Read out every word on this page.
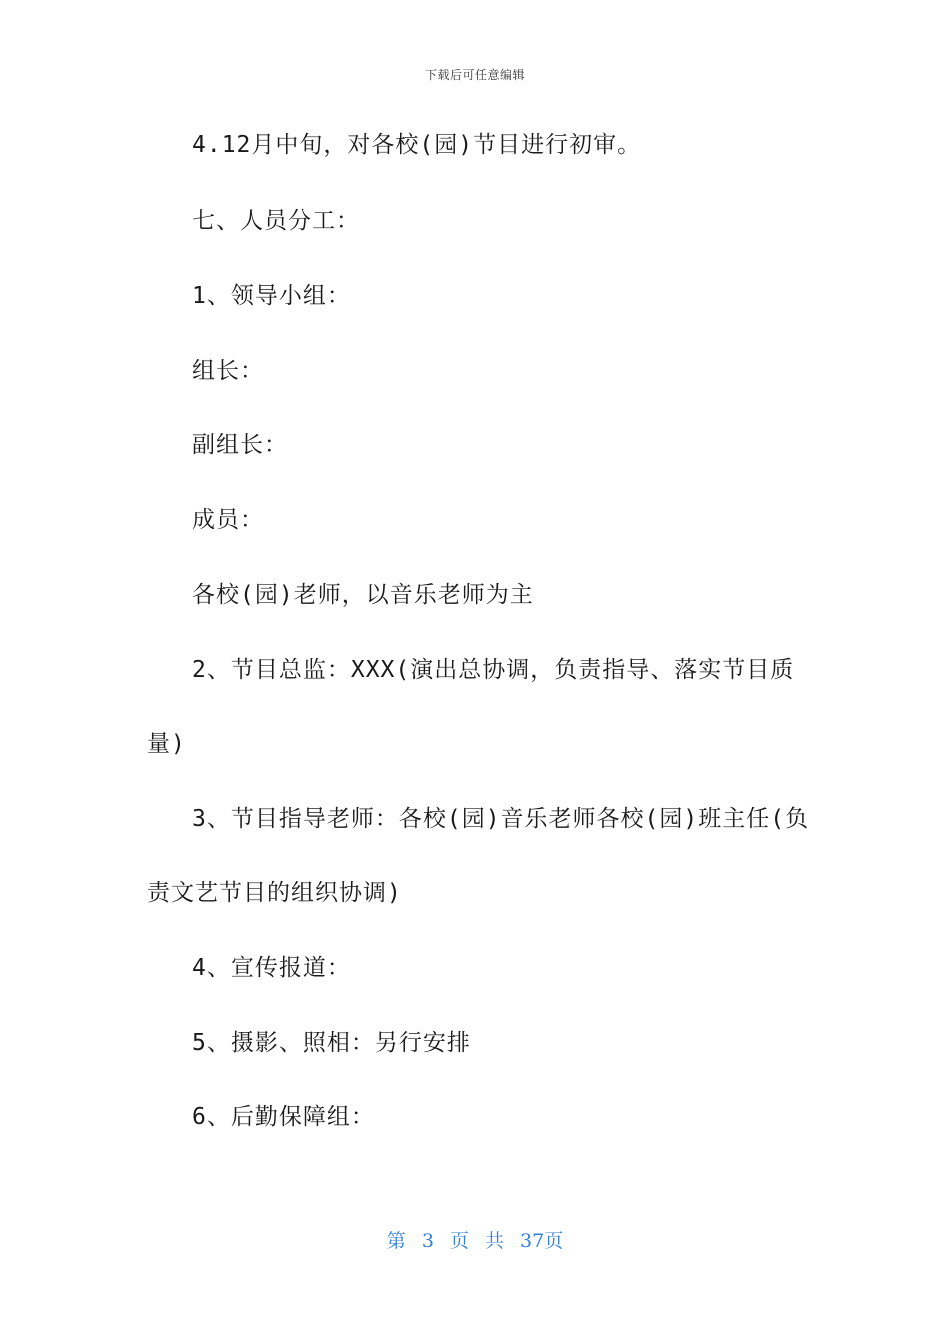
下载后可任意编辑
4.12月中旬，对各校(园)节目进行初审。
七、人员分工：
1、领导小组：
组长：
副组长：
成员：
各校(园)老师，以音乐老师为主
2、节目总监：XXX(演出总协调，负责指导、落实节目质
量)
3、节目指导老师：各校(园)音乐老师各校(园)班主任(负
责文艺节目的组织协调)
4、宣传报道：
5、摄影、照相：另行安排
6、后勤保障组：
第 3 页 共 37页
